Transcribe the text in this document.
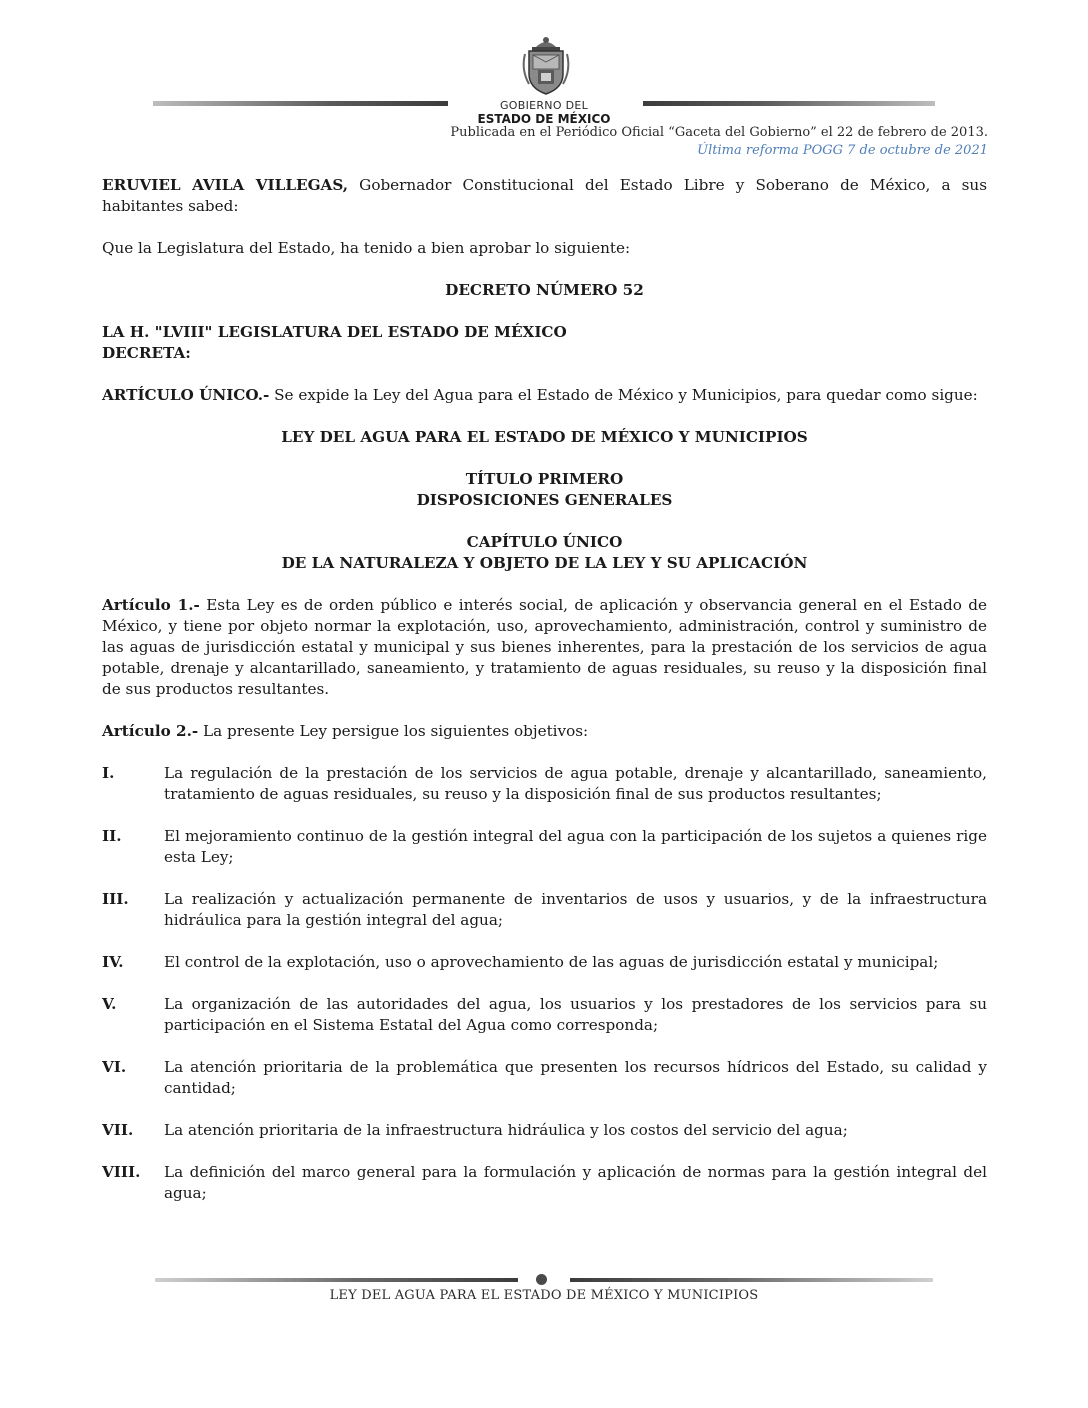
GOBIERNO DEL
ESTADO DE MÉXICO
Publicada en el Periódico Oficial “Gaceta del Gobierno” el 22 de febrero de 2013.
Última reforma POGG 7 de octubre de 2021

ERUVIEL AVILA VILLEGAS, Gobernador Constitucional del Estado Libre y Soberano de México, a sus habitantes sabed:

Que la Legislatura del Estado, ha tenido a bien aprobar lo siguiente:

DECRETO NÚMERO 52

LA H. "LVIII" LEGISLATURA DEL ESTADO DE MÉXICO

DECRETA:

ARTÍCULO ÚNICO.- Se expide la Ley del Agua para el Estado de México y Municipios, para quedar como sigue:

LEY DEL AGUA PARA EL ESTADO DE MÉXICO Y MUNICIPIOS

TÍTULO PRIMERO

DISPOSICIONES GENERALES

CAPÍTULO ÚNICO

DE LA NATURALEZA Y OBJETO DE LA LEY Y SU APLICACIÓN

Artículo 1.- Esta Ley es de orden público e interés social, de aplicación y observancia general en el Estado de México, y tiene por objeto normar la explotación, uso, aprovechamiento, administración, control y suministro de las aguas de jurisdicción estatal y municipal y sus bienes inherentes, para la prestación de los servicios de agua potable, drenaje y alcantarillado, saneamiento, y tratamiento de aguas residuales, su reuso y la disposición final de sus productos resultantes.

Artículo 2.- La presente Ley persigue los siguientes objetivos:

I.	La regulación de la prestación de los servicios de agua potable, drenaje y alcantarillado, saneamiento, tratamiento de aguas residuales, su reuso y la disposición final de sus productos resultantes;
II.	El mejoramiento continuo de la gestión integral del agua con la participación de los sujetos a quienes rige esta Ley;
III.	La realización y actualización permanente de inventarios de usos y usuarios, y de la infraestructura hidráulica para la gestión integral del agua;
IV.	El control de la explotación, uso o aprovechamiento de las aguas de jurisdicción estatal y municipal;
V.	La organización de las autoridades del agua, los usuarios y los prestadores de los servicios para su participación en el Sistema Estatal del Agua como corresponda;
VI.	La atención prioritaria de la problemática que presenten los recursos hídricos del Estado, su calidad y cantidad;
VII.	La atención prioritaria de la infraestructura hidráulica y los costos del servicio del agua;
VIII.	La definición del marco general para la formulación y aplicación de normas para la gestión integral del agua;
LEY DEL AGUA PARA EL ESTADO DE MÉXICO Y MUNICIPIOS
